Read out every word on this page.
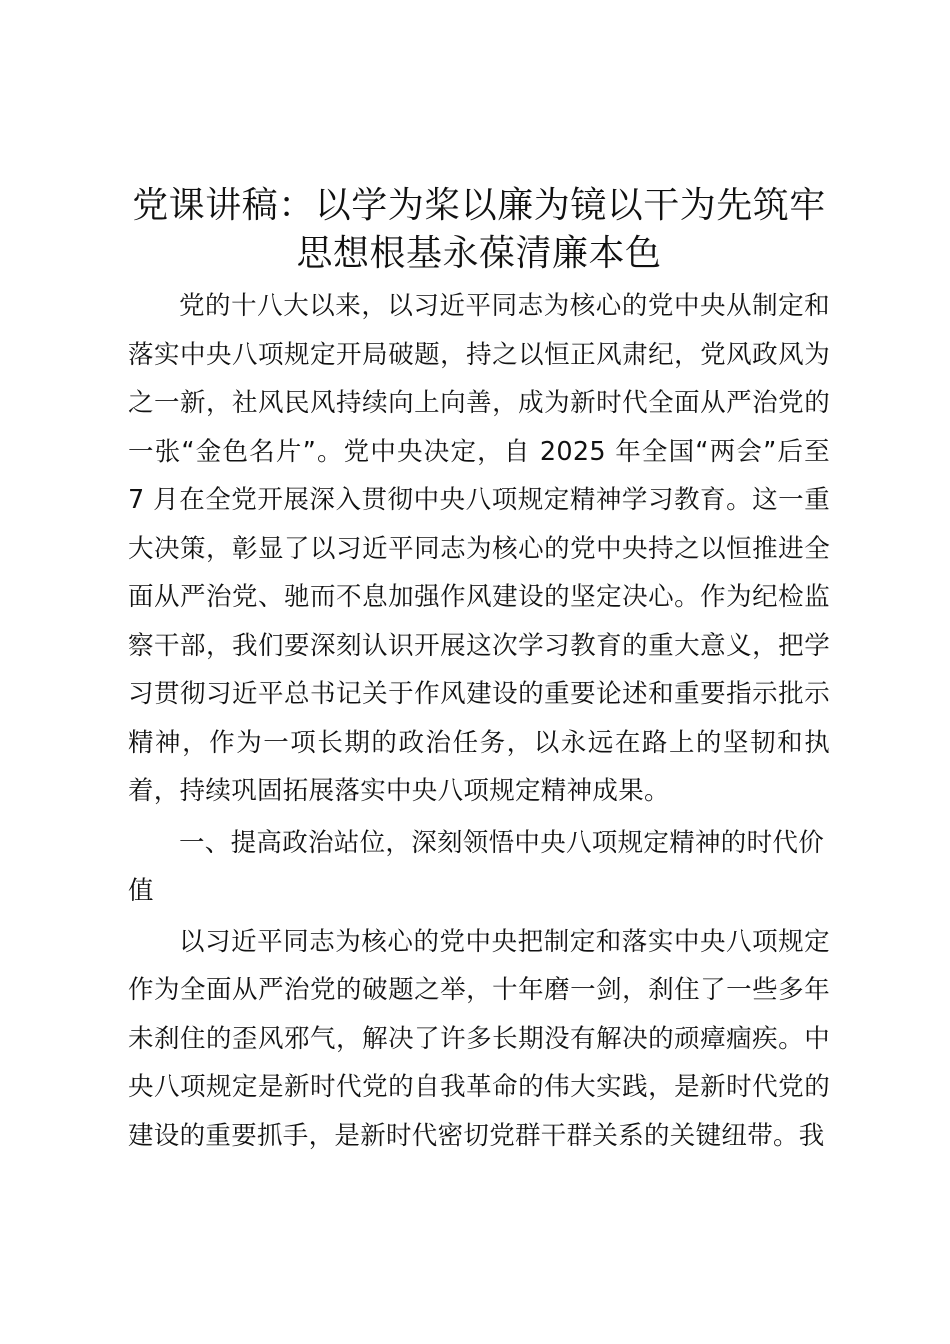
党课讲稿：以学为桨以廉为镜以干为先筑牢思想根基永葆清廉本色

党的十八大以来，以习近平同志为核心的党中央从制定和落实中央八项规定开局破题，持之以恒正风肃纪，党风政风为之一新，社风民风持续向上向善，成为新时代全面从严治党的一张“金色名片”。党中央决定，自 2025 年全国“两会”后至 7 月在全党开展深入贯彻中央八项规定精神学习教育。这一重大决策，彰显了以习近平同志为核心的党中央持之以恒推进全面从严治党、驰而不息加强作风建设的坚定决心。作为纪检监察干部，我们要深刻认识开展这次学习教育的重大意义，把学习贯彻习近平总书记关于作风建设的重要论述和重要指示批示精神，作为一项长期的政治任务，以永远在路上的坚韧和执着，持续巩固拓展落实中央八项规定精神成果。

一、提高政治站位，深刻领悟中央八项规定精神的时代价值

以习近平同志为核心的党中央把制定和落实中央八项规定作为全面从严治党的破题之举，十年磨一剑，刹住了一些多年未刹住的歪风邪气，解决了许多长期没有解决的顽瘴痼疾。中央八项规定是新时代党的自我革命的伟大实践，是新时代党的建设的重要抓手，是新时代密切党群干群关系的关键纽带。我
